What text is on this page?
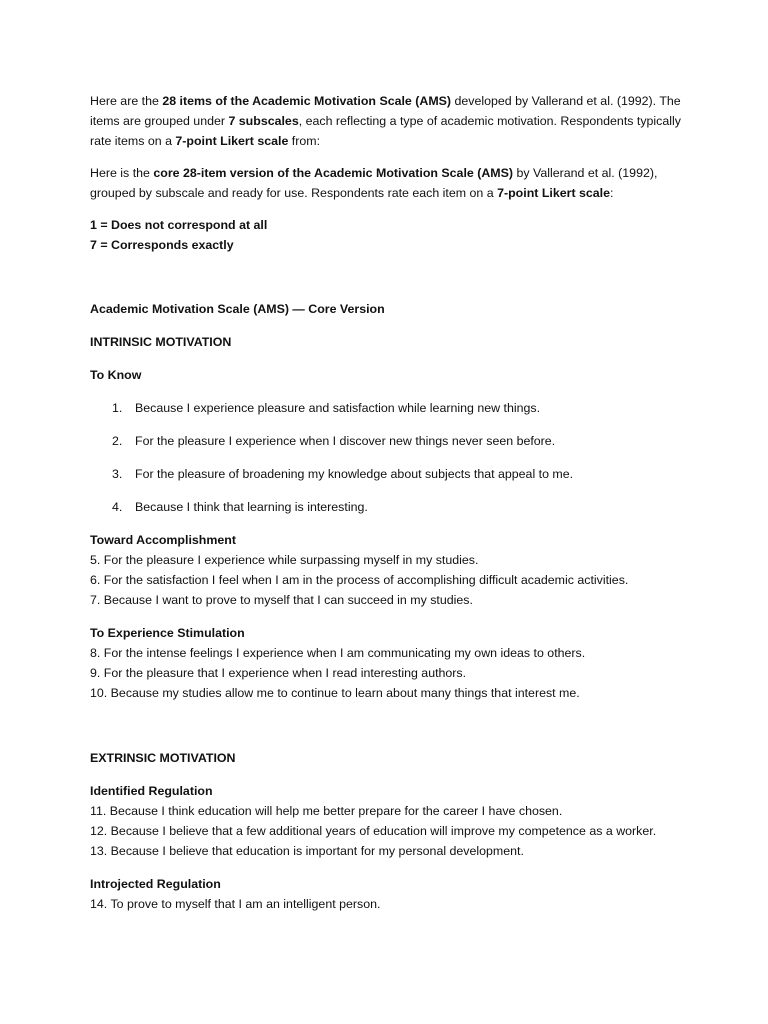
Here are the 28 items of the Academic Motivation Scale (AMS) developed by Vallerand et al. (1992). The items are grouped under 7 subscales, each reflecting a type of academic motivation. Respondents typically rate items on a 7-point Likert scale from:

Here is the core 28-item version of the Academic Motivation Scale (AMS) by Vallerand et al. (1992), grouped by subscale and ready for use. Respondents rate each item on a 7-point Likert scale:

1 = Does not correspond at all

7 = Corresponds exactly

Academic Motivation Scale (AMS) — Core Version

INTRINSIC MOTIVATION

To Know

1.	Because I experience pleasure and satisfaction while learning new things.
2.	For the pleasure I experience when I discover new things never seen before.
3.	For the pleasure of broadening my knowledge about subjects that appeal to me.
4.	Because I think that learning is interesting.

Toward Accomplishment

5. For the pleasure I experience while surpassing myself in my studies.

6. For the satisfaction I feel when I am in the process of accomplishing difficult academic activities.

7. Because I want to prove to myself that I can succeed in my studies.

To Experience Stimulation

8. For the intense feelings I experience when I am communicating my own ideas to others.

9. For the pleasure that I experience when I read interesting authors.

10. Because my studies allow me to continue to learn about many things that interest me.

EXTRINSIC MOTIVATION

Identified Regulation

11. Because I think education will help me better prepare for the career I have chosen.

12. Because I believe that a few additional years of education will improve my competence as a worker.

13. Because I believe that education is important for my personal development.

Introjected Regulation

14. To prove to myself that I am an intelligent person.
